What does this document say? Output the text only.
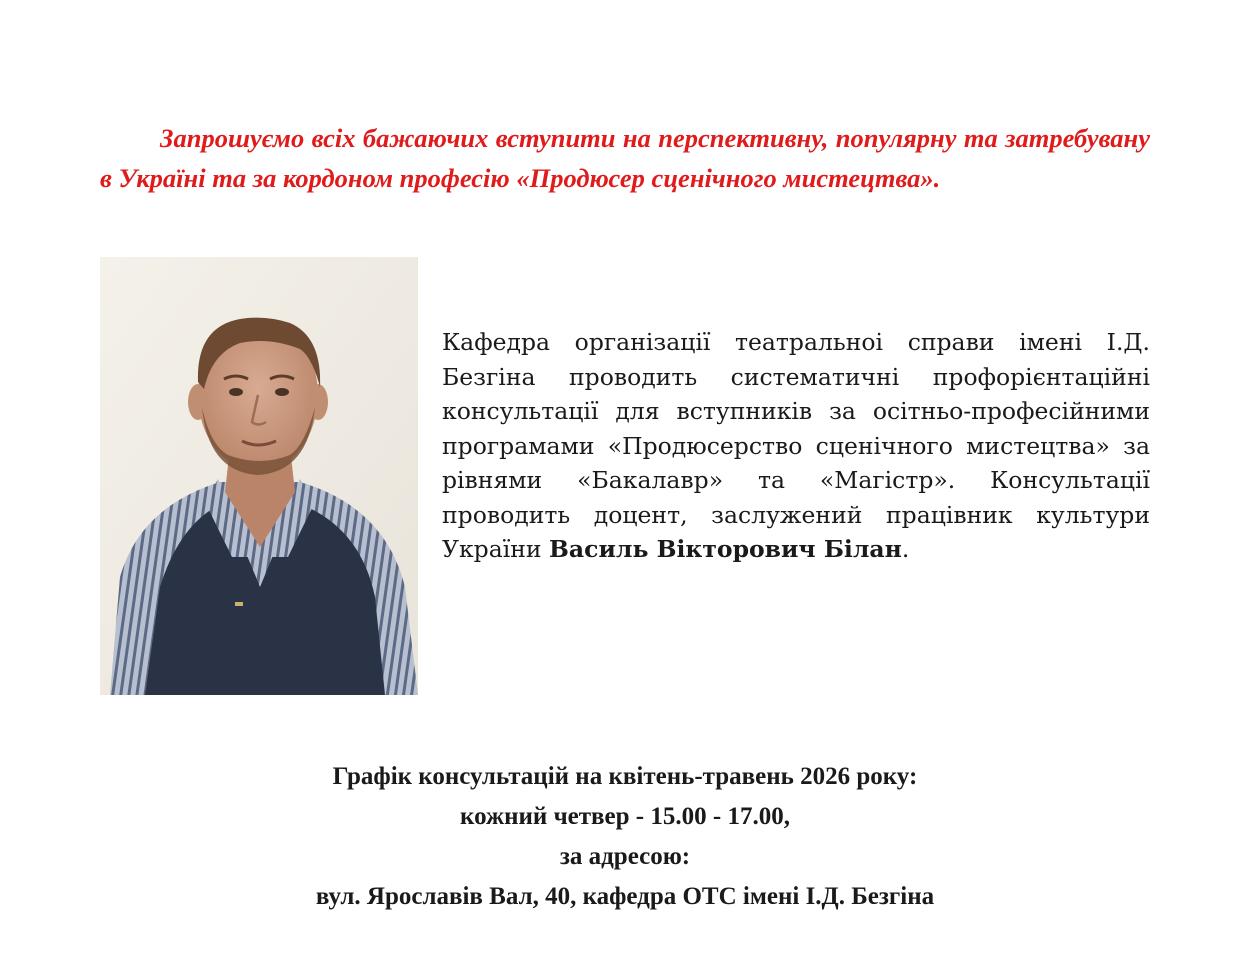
Запрошуємо всіх бажаючих вступити на перспективну, популярну та затребувану в Україні та за кордоном професію «Продюсер сценічного мистецтва».

Кафедра організації театральноі справи імені І.Д. Безгіна проводить систематичні профорієнтаційні консультації для вступників за осітньо-професійними програмами «Продюсерство сценічного мистецтва» за рівнями «Бакалавр» та «Магістр». Консультації проводить доцент, заслужений працівник культури України Василь Вікторович Білан.

Графік консультацій на квітень-травень 2026 року:
кожний четвер - 15.00 - 17.00,
за адресою:
вул. Ярославів Вал, 40, кафедра ОТС імені І.Д. Безгіна
